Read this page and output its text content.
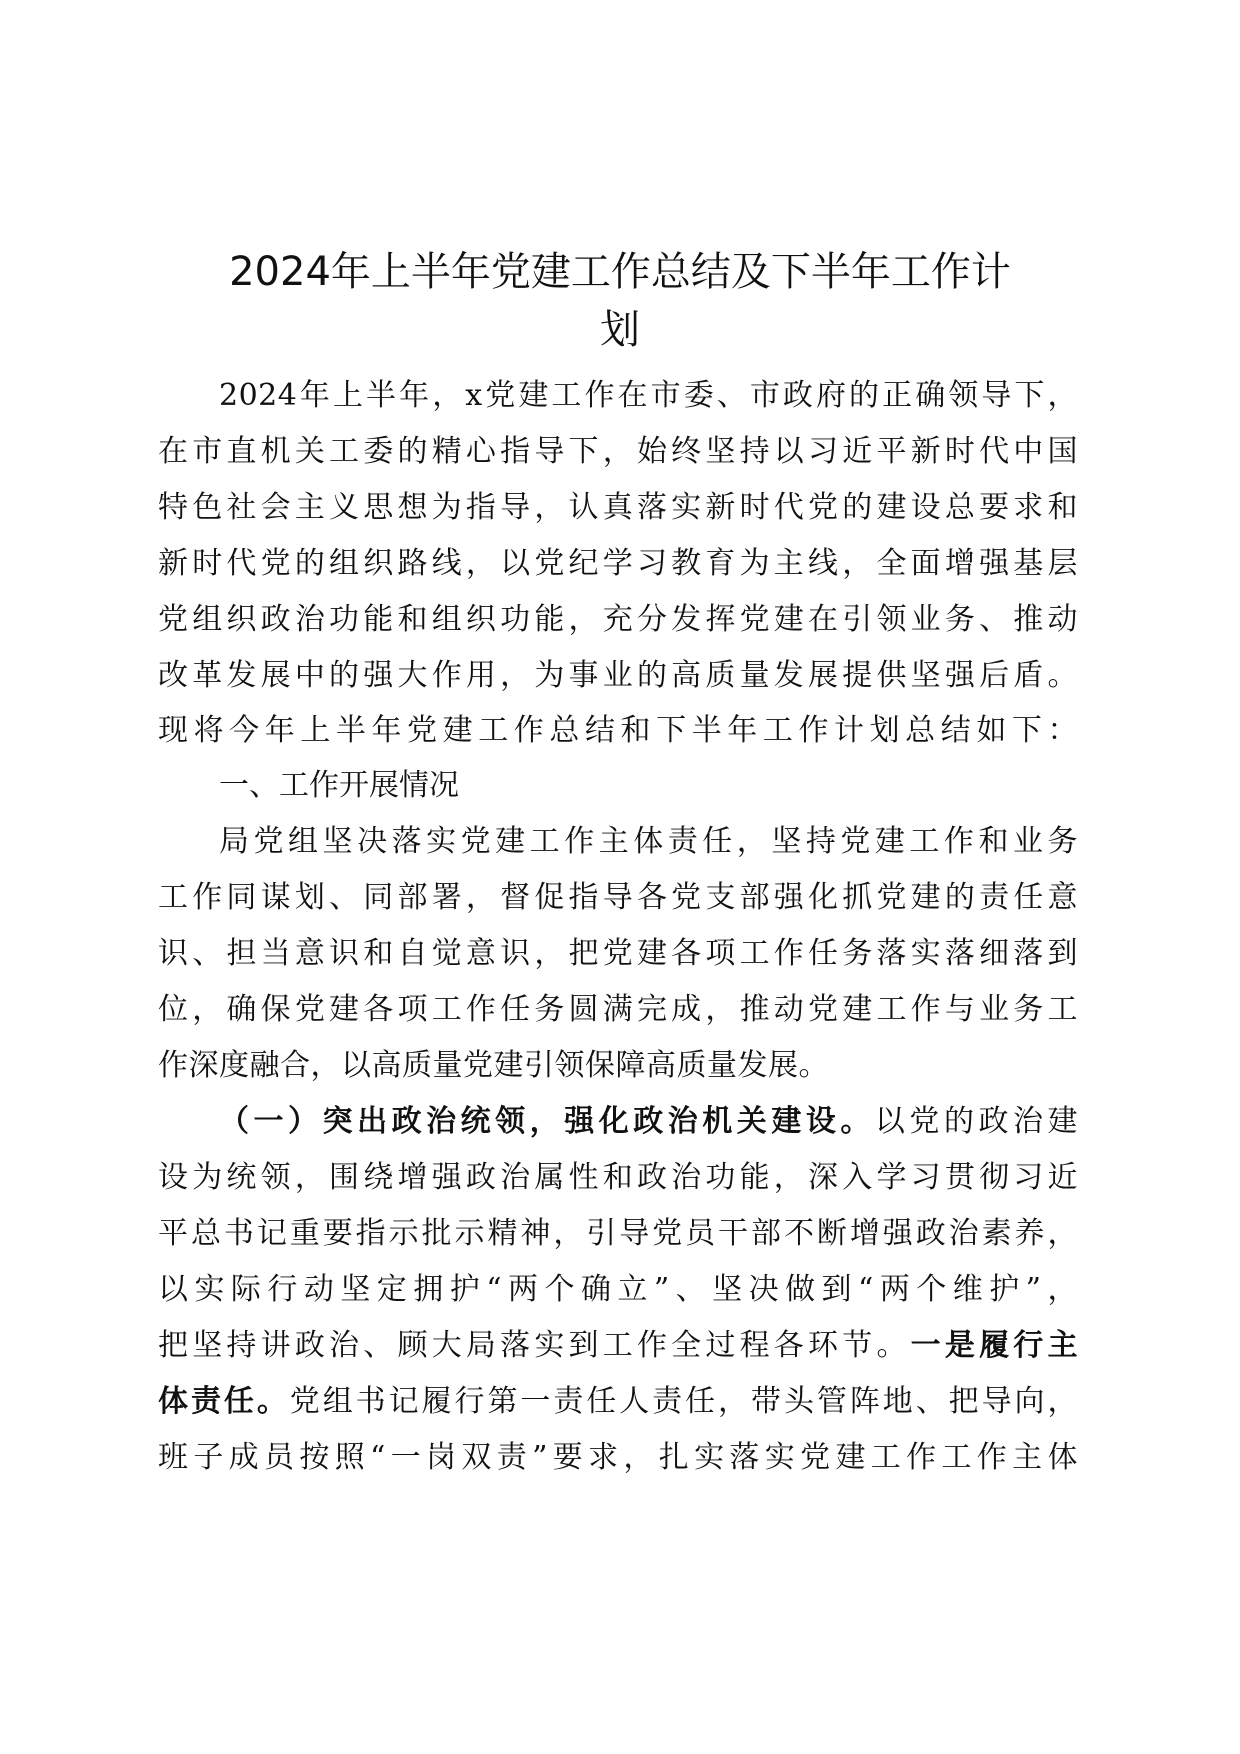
2024年上半年党建工作总结及下半年工作计
划
2024年上半年，x党建工作在市委、市政府的正确领导下，
在市直机关工委的精心指导下，始终坚持以习近平新时代中国
特色社会主义思想为指导，认真落实新时代党的建设总要求和
新时代党的组织路线，以党纪学习教育为主线，全面增强基层
党组织政治功能和组织功能，充分发挥党建在引领业务、推动
改革发展中的强大作用，为事业的高质量发展提供坚强后盾。
现将今年上半年党建工作总结和下半年工作计划总结如下：
一、工作开展情况
局党组坚决落实党建工作主体责任，坚持党建工作和业务
工作同谋划、同部署，督促指导各党支部强化抓党建的责任意
识、担当意识和自觉意识，把党建各项工作任务落实落细落到
位，确保党建各项工作任务圆满完成，推动党建工作与业务工
作深度融合，以高质量党建引领保障高质量发展。
（一）突出政治统领，强化政治机关建设。以党的政治建
设为统领，围绕增强政治属性和政治功能，深入学习贯彻习近
平总书记重要指示批示精神，引导党员干部不断增强政治素养，
以实际行动坚定拥护“两个确立”、坚决做到“两个维护”，
把坚持讲政治、顾大局落实到工作全过程各环节。一是履行主
体责任。党组书记履行第一责任人责任，带头管阵地、把导向，
班子成员按照“一岗双责”要求，扎实落实党建工作工作主体
